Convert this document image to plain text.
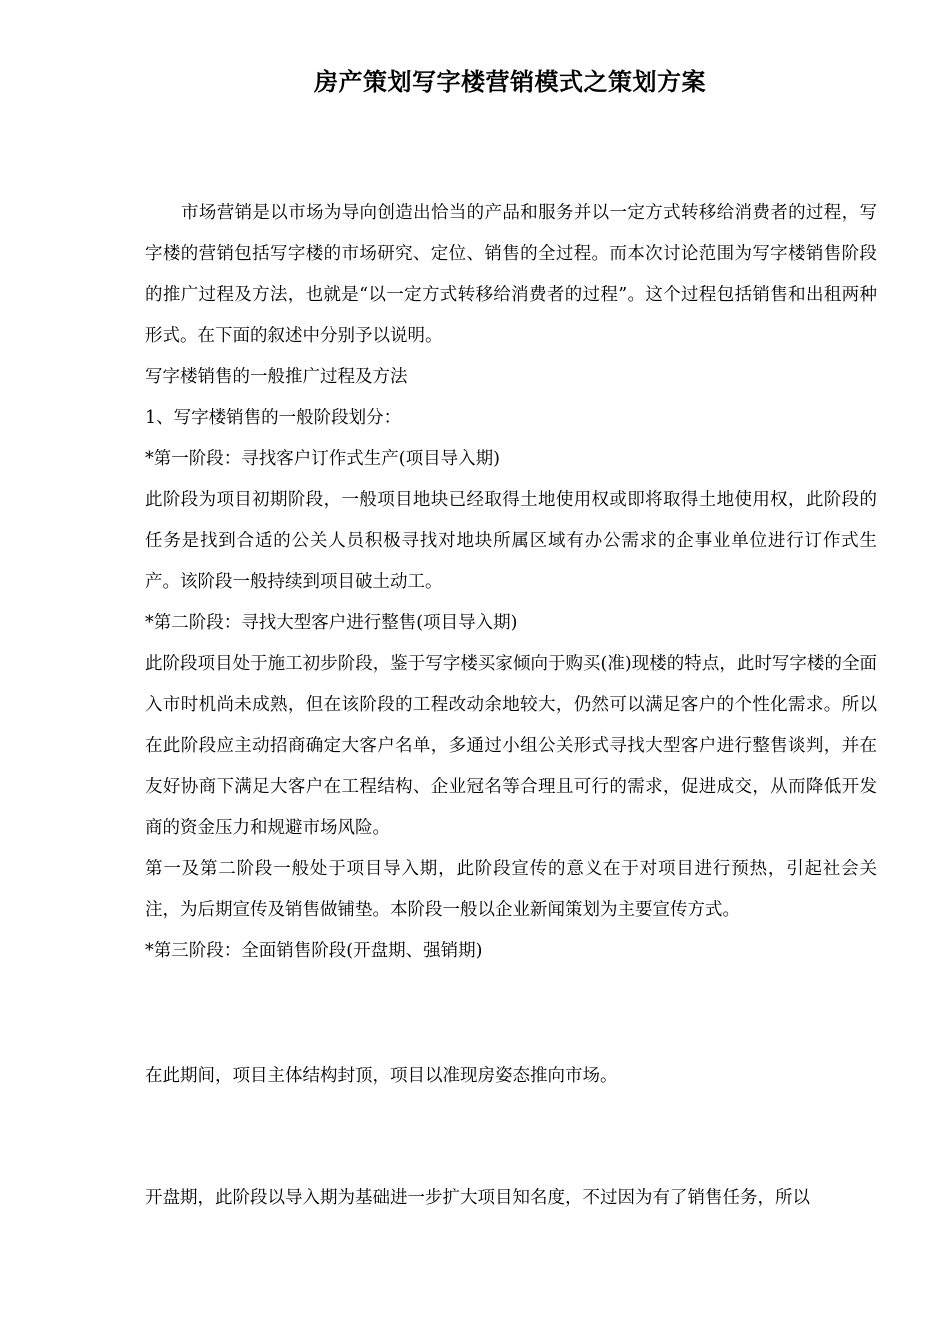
房产策划写字楼营销模式之策划方案

市场营销是以市场为导向创造出恰当的产品和服务并以一定方式转移给消费者的过程，写字楼的营销包括写字楼的市场研究、定位、销售的全过程。而本次讨论范围为写字楼销售阶段的推广过程及方法，也就是“以一定方式转移给消费者的过程”。这个过程包括销售和出租两种形式。在下面的叙述中分别予以说明。

写字楼销售的一般推广过程及方法

1、写字楼销售的一般阶段划分：

*第一阶段：寻找客户订作式生产(项目导入期)

此阶段为项目初期阶段，一般项目地块已经取得土地使用权或即将取得土地使用权，此阶段的任务是找到合适的公关人员积极寻找对地块所属区域有办公需求的企事业单位进行订作式生产。该阶段一般持续到项目破土动工。

*第二阶段：寻找大型客户进行整售(项目导入期)

此阶段项目处于施工初步阶段，鉴于写字楼买家倾向于购买(准)现楼的特点，此时写字楼的全面入市时机尚未成熟，但在该阶段的工程改动余地较大，仍然可以满足客户的个性化需求。所以在此阶段应主动招商确定大客户名单，多通过小组公关形式寻找大型客户进行整售谈判，并在友好协商下满足大客户在工程结构、企业冠名等合理且可行的需求，促进成交，从而降低开发商的资金压力和规避市场风险。

第一及第二阶段一般处于项目导入期，此阶段宣传的意义在于对项目进行预热，引起社会关注，为后期宣传及销售做铺垫。本阶段一般以企业新闻策划为主要宣传方式。

*第三阶段：全面销售阶段(开盘期、强销期)

在此期间，项目主体结构封顶，项目以准现房姿态推向市场。

开盘期，此阶段以导入期为基础进一步扩大项目知名度，不过因为有了销售任务，所以
